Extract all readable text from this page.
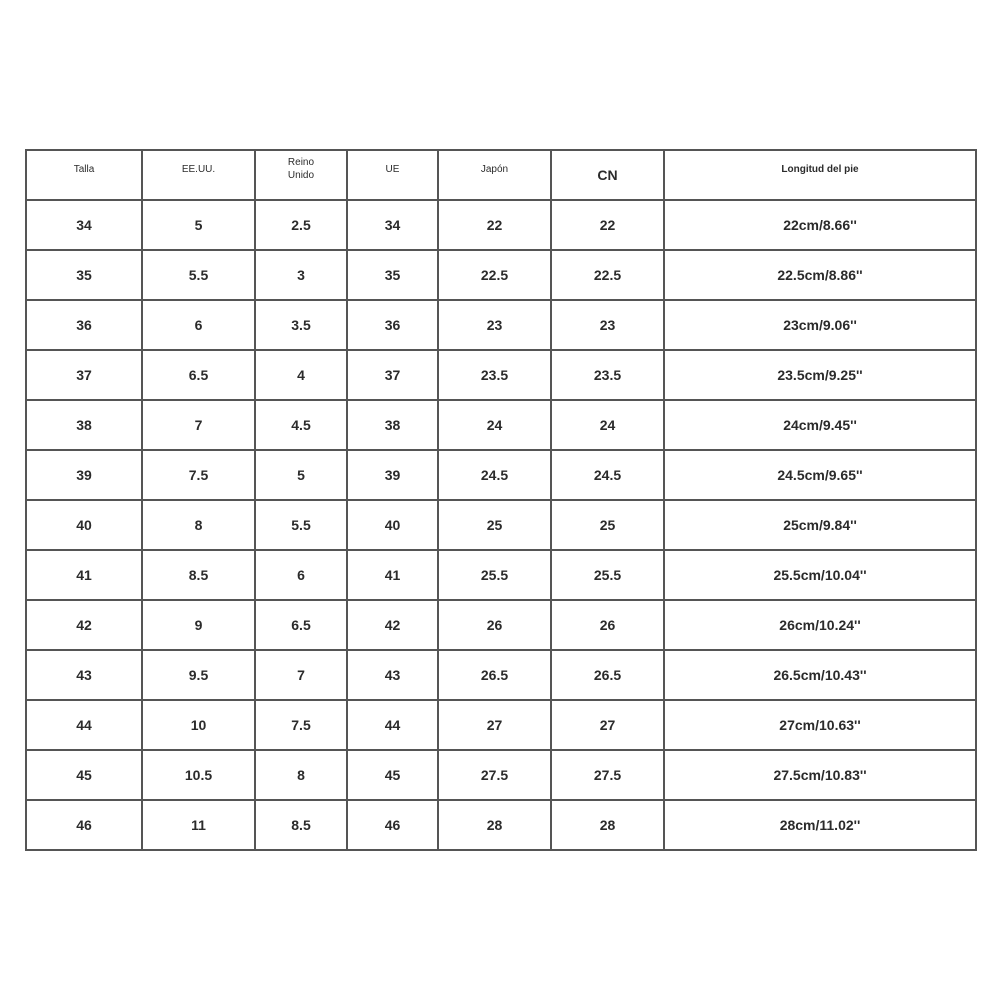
Talla	EE.UU.	Reino Unido	UE	Japón	CN	Longitud del pie
34	5	2.5	34	22	22	22cm/8.66''
35	5.5	3	35	22.5	22.5	22.5cm/8.86''
36	6	3.5	36	23	23	23cm/9.06''
37	6.5	4	37	23.5	23.5	23.5cm/9.25''
38	7	4.5	38	24	24	24cm/9.45''
39	7.5	5	39	24.5	24.5	24.5cm/9.65''
40	8	5.5	40	25	25	25cm/9.84''
41	8.5	6	41	25.5	25.5	25.5cm/10.04''
42	9	6.5	42	26	26	26cm/10.24''
43	9.5	7	43	26.5	26.5	26.5cm/10.43''
44	10	7.5	44	27	27	27cm/10.63''
45	10.5	8	45	27.5	27.5	27.5cm/10.83''
46	11	8.5	46	28	28	28cm/11.02''
